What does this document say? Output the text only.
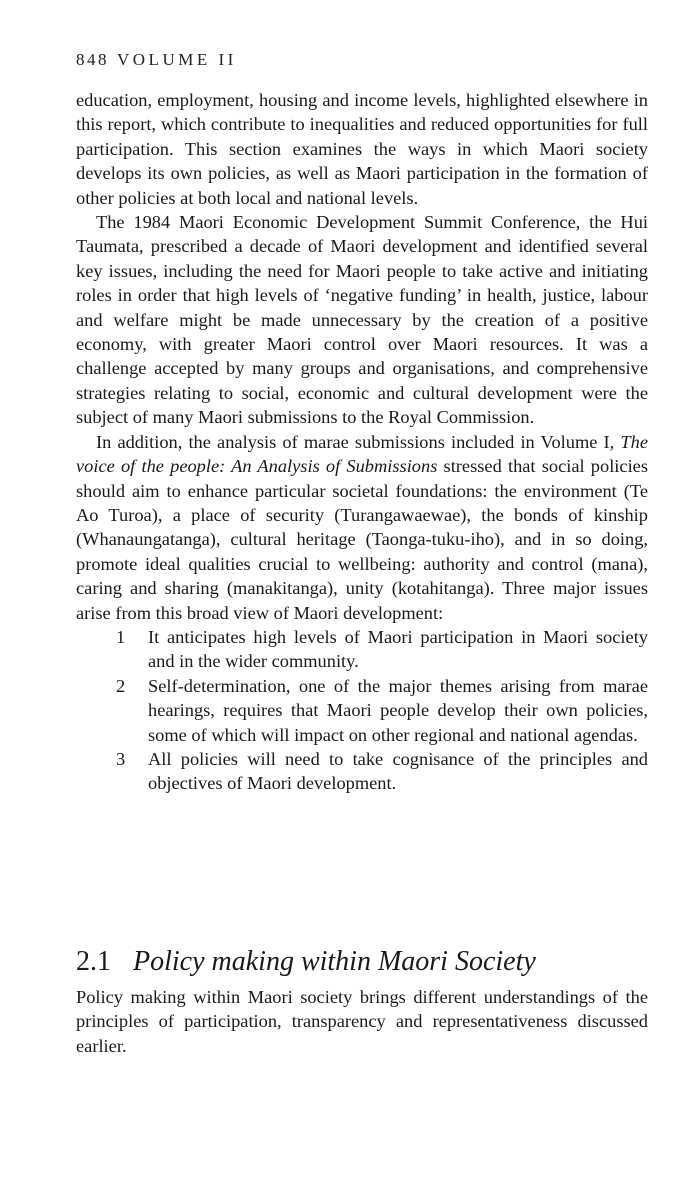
848 VOLUME II

education, employment, housing and income levels, highlighted elsewhere in this report, which contribute to inequalities and reduced opportunities for full participation. This section examines the ways in which Maori society develops its own policies, as well as Maori participation in the formation of other policies at both local and national levels.

The 1984 Maori Economic Development Summit Conference, the Hui Taumata, prescribed a decade of Maori development and identified several key issues, including the need for Maori people to take active and initiating roles in order that high levels of ‘negative funding’ in health, justice, labour and welfare might be made unnecessary by the creation of a positive economy, with greater Maori control over Maori resources. It was a challenge accepted by many groups and organisations, and comprehensive strategies relating to social, economic and cultural development were the subject of many Maori submissions to the Royal Commission.

In addition, the analysis of marae submissions included in Volume I, The voice of the people: An Analysis of Submissions stressed that social policies should aim to enhance particular societal foundations: the environment (Te Ao Turoa), a place of security (Turangawaewae), the bonds of kinship (Whanaungatanga), cultural heritage (Taonga-tuku-iho), and in so doing, promote ideal qualities crucial to wellbeing: authority and control (mana), caring and sharing (manakitanga), unity (kotahitanga). Three major issues arise from this broad view of Maori development:

1 It anticipates high levels of Maori participation in Maori society and in the wider community.
2 Self-determination, one of the major themes arising from marae hearings, requires that Maori people develop their own policies, some of which will impact on other regional and national agendas.
3 All policies will need to take cognisance of the principles and objectives of Maori development.
2.1 Policy making within Maori Society

Policy making within Maori society brings different understandings of the principles of participation, transparency and representativeness discussed earlier.
